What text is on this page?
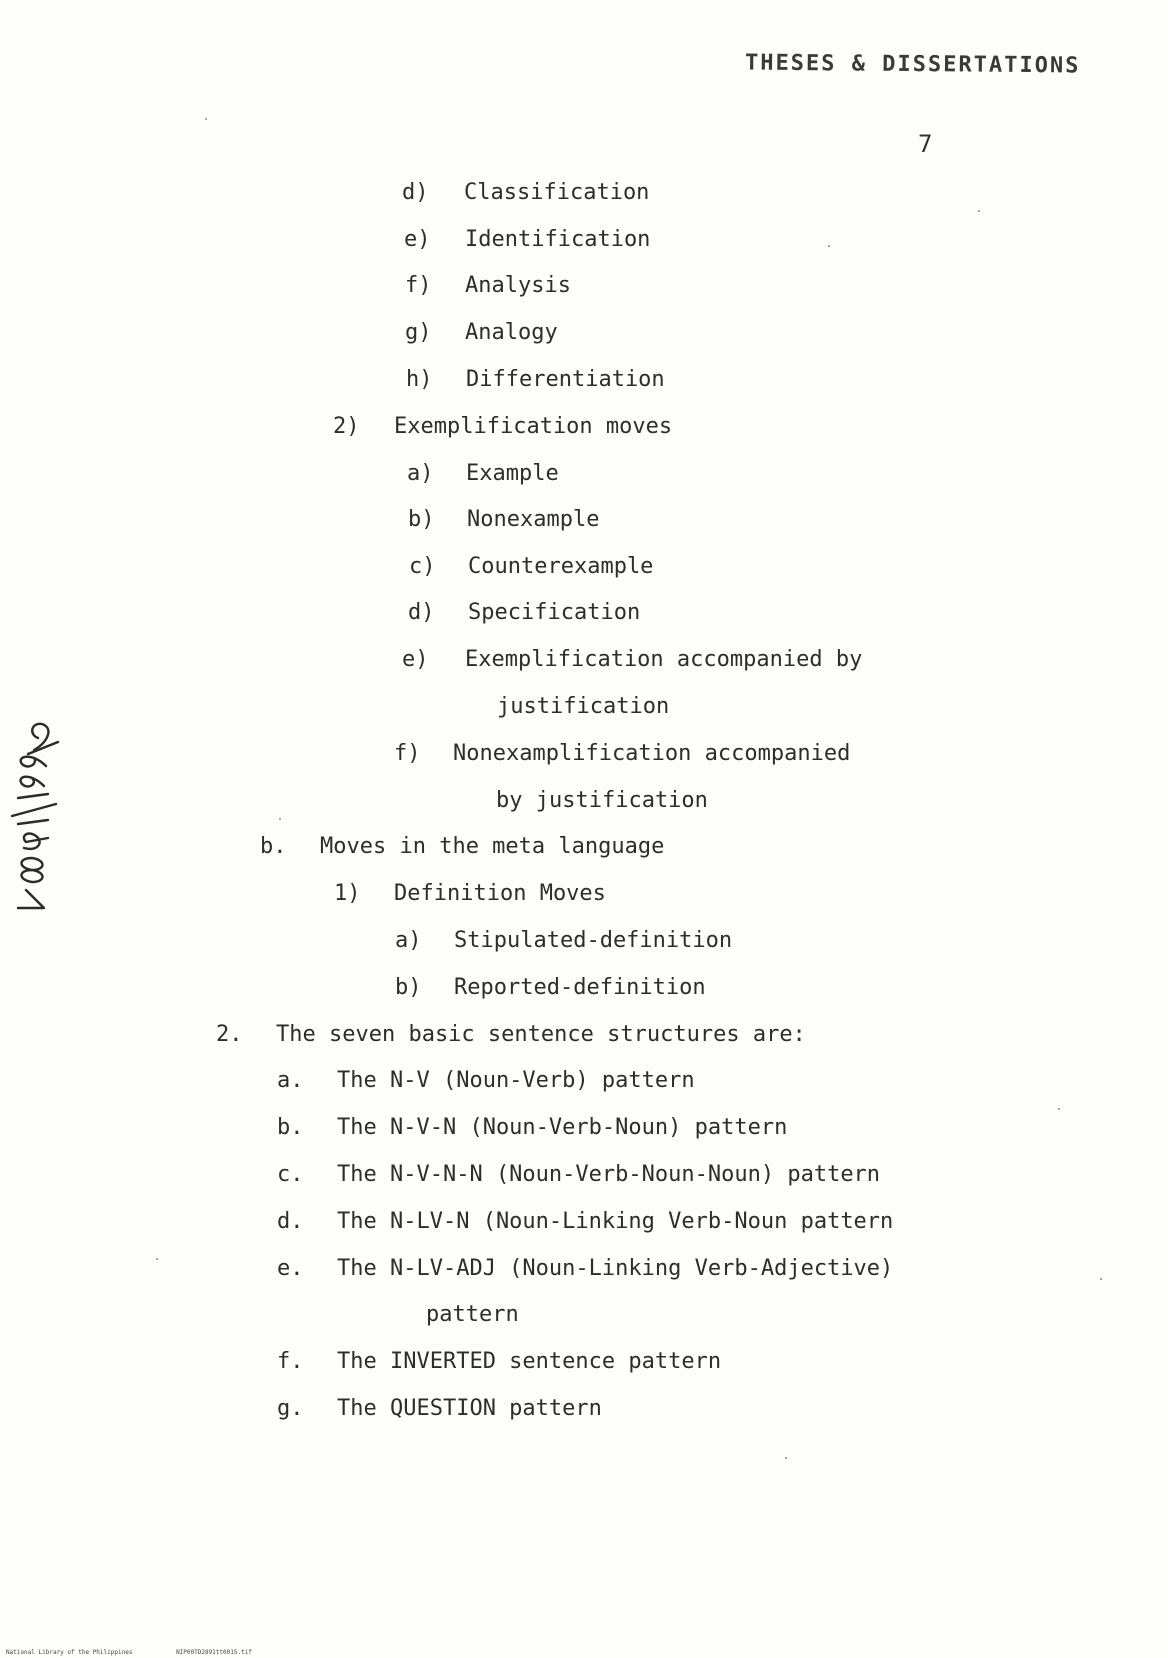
THESES & DISSERTATIONS
7
d) Classification
e) Identification
f) Analysis
g) Analogy
h) Differentiation
2) Exemplification moves
a) Example
b) Nonexample
c) Counterexample
d) Specification
e) Exemplification accompanied by
justification
f) Nonexamplification accompanied
by justification
b. Moves in the meta language
1) Definition Moves
a) Stipulated-definition
b) Reported-definition
2. The seven basic sentence structures are:
a. The N-V (Noun-Verb) pattern
b. The N-V-N (Noun-Verb-Noun) pattern
c. The N-V-N-N (Noun-Verb-Noun-Noun) pattern
d. The N-LV-N (Noun-Linking Verb-Noun pattern
e. The N-LV-ADJ (Noun-Linking Verb-Adjective)
pattern
f. The INVERTED sentence pattern
g. The QUESTION pattern
National Library of the Philippines	NIP00TD2891tt0015.tif
